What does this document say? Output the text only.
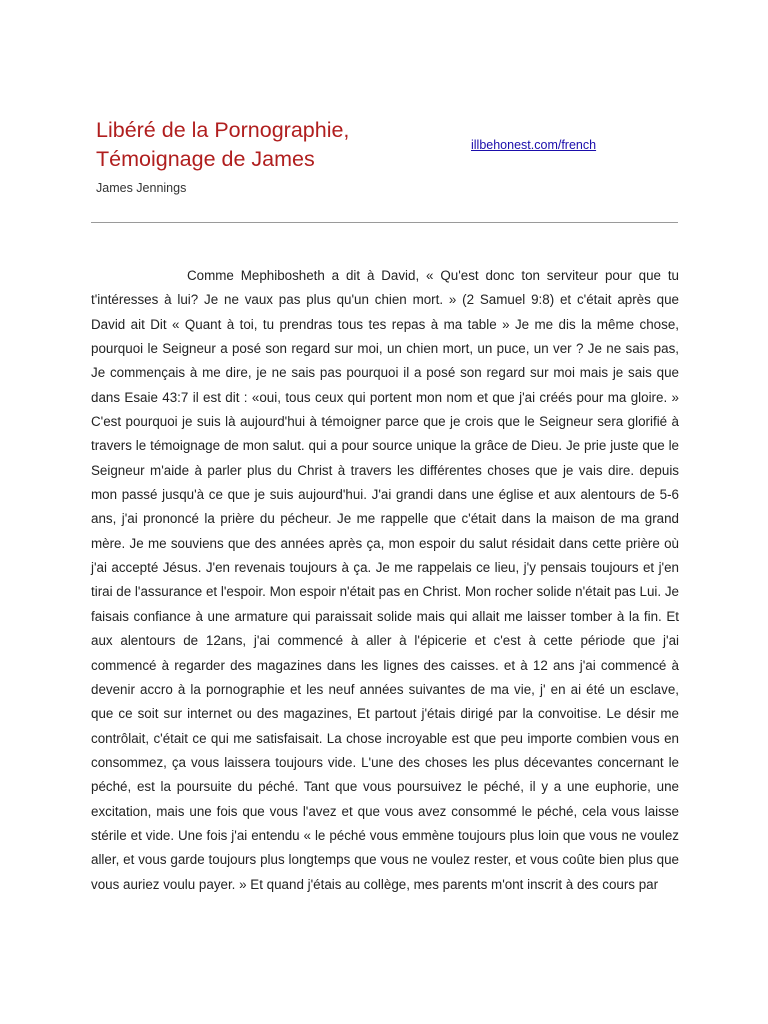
Libéré de la Pornographie,
Témoignage de James
illbehonest.com/french
James Jennings

Comme Mephibosheth a dit à David, « Qu'est donc ton serviteur pour que tu t'intéresses à lui? Je ne vaux pas plus qu'un chien mort. » (2 Samuel 9:8) et c'était après que David ait Dit « Quant à toi, tu prendras tous tes repas à ma table » Je me dis la même chose, pourquoi le Seigneur a posé son regard sur moi, un chien mort, un puce, un ver ? Je ne sais pas, Je commençais à me dire, je ne sais pas pourquoi il a posé son regard sur moi mais je sais que dans Esaie 43:7 il est dit : «oui, tous ceux qui portent mon nom et que j'ai créés pour ma gloire. » C'est pourquoi je suis là aujourd'hui à témoigner parce que je crois que le Seigneur sera glorifié à travers le témoignage de mon salut. qui a pour source unique la grâce de Dieu. Je prie juste que le Seigneur m'aide à parler plus du Christ à travers les différentes choses que je vais dire. depuis mon passé jusqu'à ce que je suis aujourd'hui. J'ai grandi dans une église et aux alentours de 5-6 ans, j'ai prononcé la prière du pécheur. Je me rappelle que c'était dans la maison de ma grand mère. Je me souviens que des années après ça, mon espoir du salut résidait dans cette prière où j'ai accepté Jésus. J'en revenais toujours à ça. Je me rappelais ce lieu, j'y pensais toujours et j'en tirai de l'assurance et l'espoir. Mon espoir n'était pas en Christ. Mon rocher solide n'était pas Lui. Je faisais confiance à une armature qui paraissait solide mais qui allait me laisser tomber à la fin. Et aux alentours de 12ans, j'ai commencé à aller à l'épicerie et c'est à cette période que j'ai commencé à regarder des magazines dans les lignes des caisses. et à 12 ans j'ai commencé à devenir accro à la pornographie et les neuf années suivantes de ma vie, j' en ai été un esclave, que ce soit sur internet ou des magazines, Et partout j'étais dirigé par la convoitise. Le désir me contrôlait, c'était ce qui me satisfaisait. La chose incroyable est que peu importe combien vous en consommez, ça vous laissera toujours vide. L'une des choses les plus décevantes concernant le péché, est la poursuite du péché. Tant que vous poursuivez le péché, il y a une euphorie, une excitation, mais une fois que vous l'avez et que vous avez consommé le péché, cela vous laisse stérile et vide. Une fois j'ai entendu « le péché vous emmène toujours plus loin que vous ne voulez aller, et vous garde toujours plus longtemps que vous ne voulez rester, et vous coûte bien plus que vous auriez voulu payer. » Et quand j'étais au collège, mes parents m'ont inscrit à des cours par
